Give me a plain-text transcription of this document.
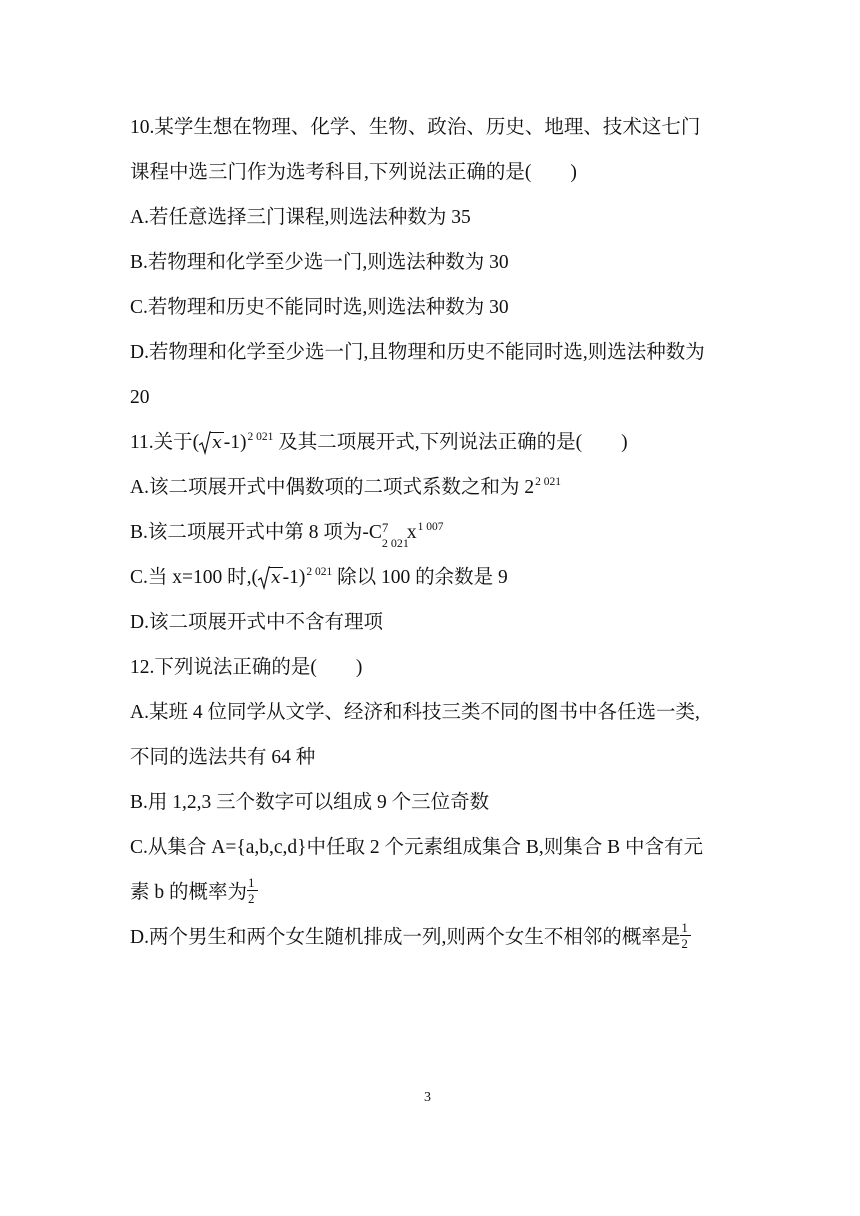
10.某学生想在物理、化学、生物、政治、历史、地理、技术这七门
课程中选三门作为选考科目,下列说法正确的是(　　)
A.若任意选择三门课程,则选法种数为 35
B.若物理和化学至少选一门,则选法种数为 30
C.若物理和历史不能同时选,则选法种数为 30
D.若物理和化学至少选一门,且物理和历史不能同时选,则选法种数为
20
11.关于( x -1)$^{2 021}$ 及其二项展开式,下列说法正确的是(　　)
A.该二项展开式中偶数项的二项式系数之和为 $2^{2 021}$
B.该二项展开式中第 8 项为- C 7
2 021
$x^{1 007}$
C.当 x=100 时,( x -1)$^{2 021}$ 除以 100 的余数是 9
D.该二项展开式中不含有理项
12.下列说法正确的是(　　)
A.某班 4 位同学从文学、经济和科技三类不同的图书中各任选一类,
不同的选法共有 64 种
B.用 1,2,3 三个数字可以组成 9 个三位奇数
C.从集合 A={a,b,c,d}中任取 2 个元素组成集合 B,则集合 B 中含有元
素 b 的概率为 $\frac{1}{2}$
D.两个男生和两个女生随机排成一列,则两个女生不相邻的概率是 $\frac{1}{2}$
3
